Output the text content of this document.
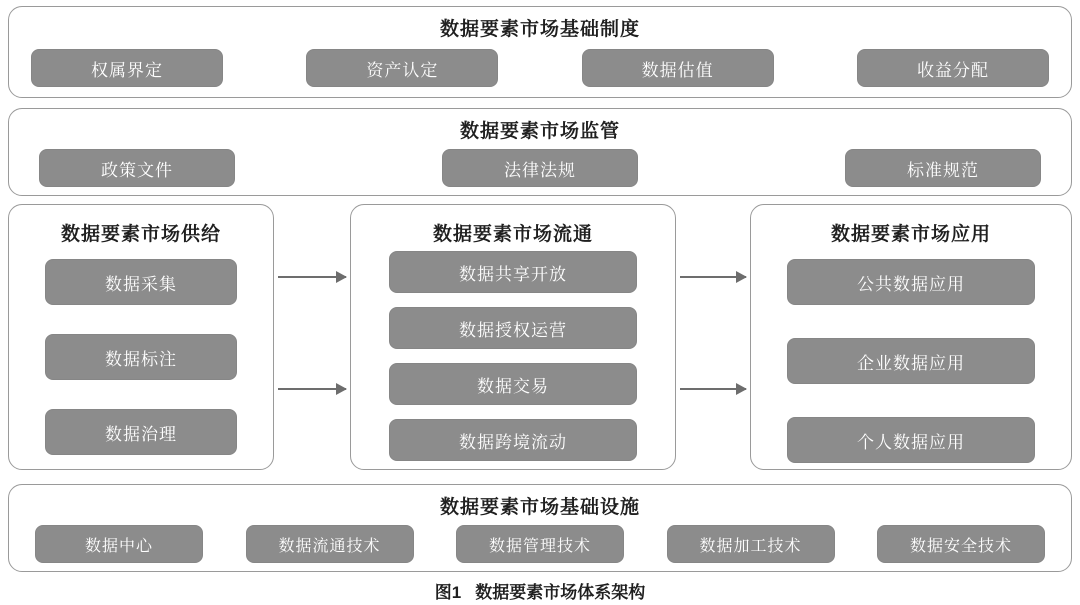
数据要素市场基础制度
权属界定	资产认定	数据估值	收益分配
数据要素市场监管
政策文件	法律法规	标准规范
数据要素市场供给
数据采集
数据标注
数据治理
数据要素市场流通
数据共享开放
数据授权运营
数据交易
数据跨境流动
数据要素市场应用
公共数据应用
企业数据应用
个人数据应用
数据要素市场基础设施
数据中心	数据流通技术	数据管理技术	数据加工技术	数据安全技术
图1 数据要素市场体系架构
